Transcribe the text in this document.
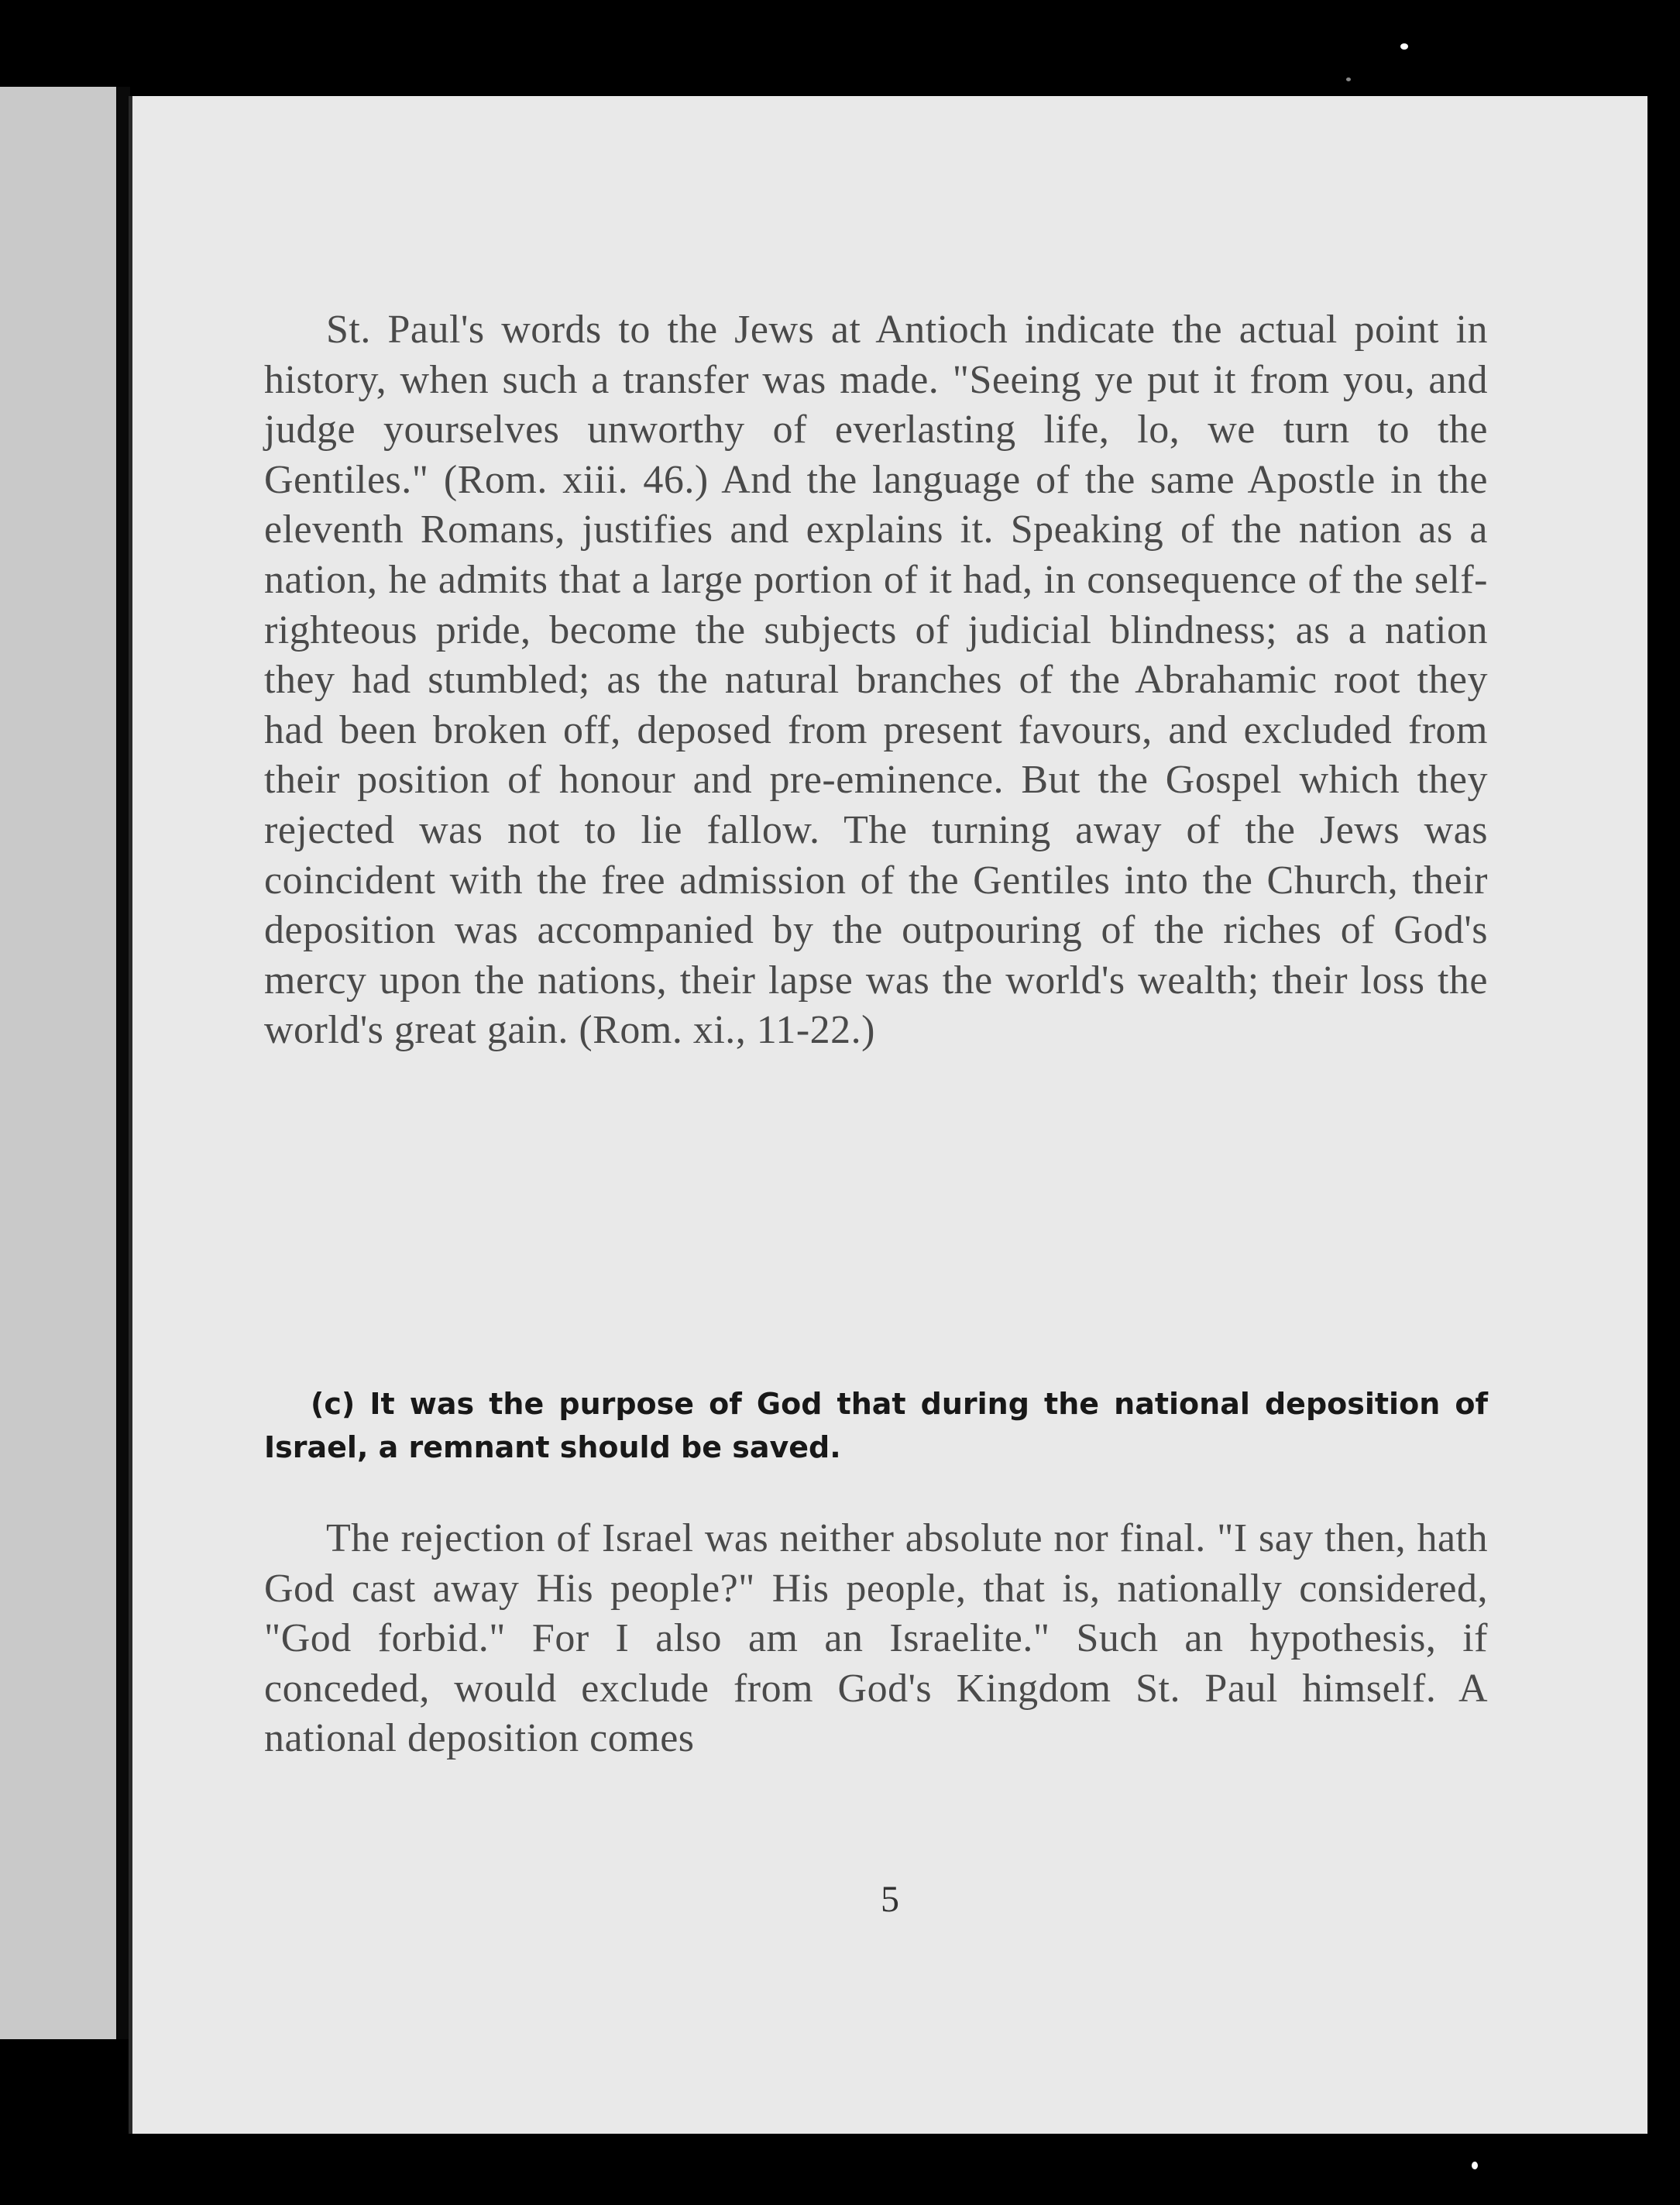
St. Paul's words to the Jews at Antioch indicate the actual point in history, when such a transfer was made. "Seeing ye put it from you, and judge yourselves unworthy of everlasting life, lo, we turn to the Gentiles." (Rom. xiii. 46.) And the language of the same Apostle in the eleventh Romans, justifies and explains it. Speaking of the nation as a nation, he admits that a large portion of it had, in consequence of the self-righteous pride, become the subjects of judicial blindness; as a nation they had stumbled; as the natural branches of the Abrahamic root they had been broken off, deposed from present favours, and excluded from their position of honour and pre-eminence. But the Gospel which they rejected was not to lie fallow. The turning away of the Jews was coincident with the free admission of the Gentiles into the Church, their deposition was accompanied by the outpouring of the riches of God's mercy upon the nations, their lapse was the world's wealth; their loss the world's great gain. (Rom. xi., 11-22.)

(c) It was the purpose of God that during the national deposition of Israel, a remnant should be saved.

The rejection of Israel was neither absolute nor final. "I say then, hath God cast away His people?" His people, that is, nationally considered, "God forbid." For I also am an Israelite." Such an hypothesis, if conceded, would exclude from God's Kingdom St. Paul himself. A national deposition comes

5
